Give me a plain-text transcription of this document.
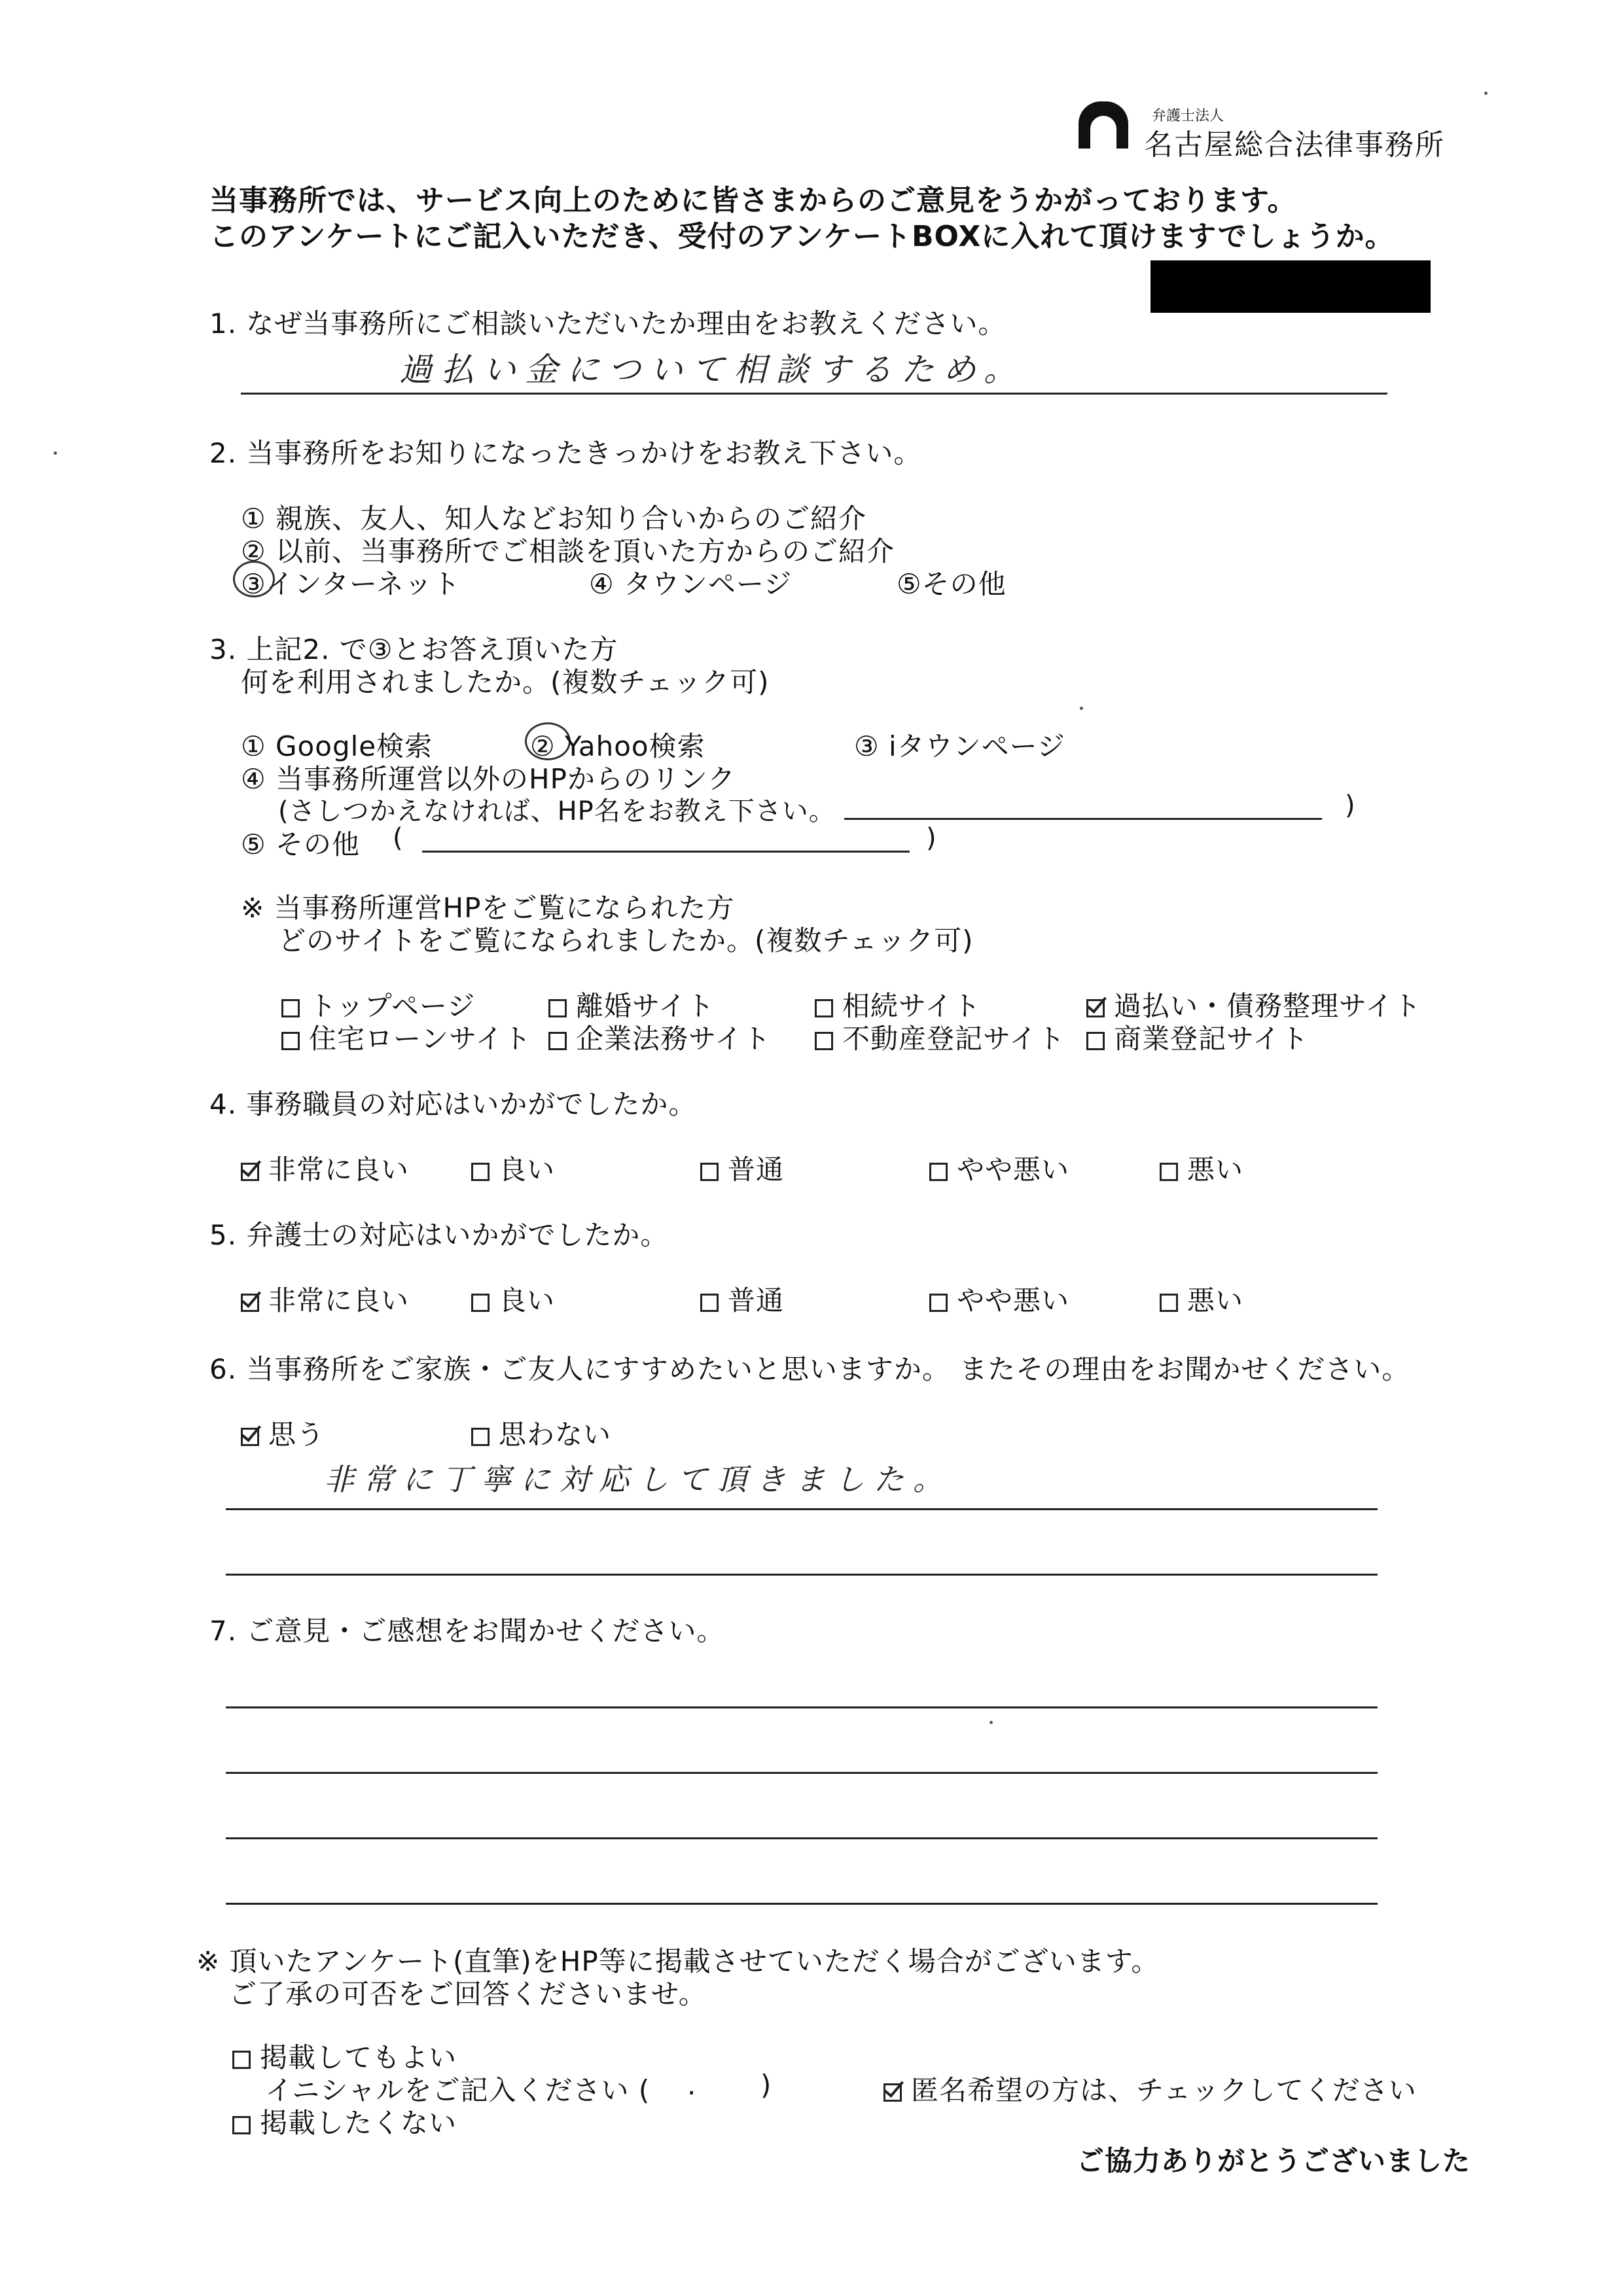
弁護士法人
名古屋総合法律事務所
当事務所では、サービス向上のために皆さまからのご意見をうかがっております。
このアンケートにご記入いただき、受付のアンケートBOXに入れて頂けますでしょうか。
1. なぜ当事務所にご相談いただいたか理由をお教えください。
過払い金について相談するため。
2. 当事務所をお知りになったきっかけをお教え下さい。
① 親族、友人、知人などお知り合いからのご紹介
② 以前、当事務所でご相談を頂いた方からのご紹介
③インターネット	④ タウンページ	⑤その他
3. 上記2. で③とお答え頂いた方
何を利用されましたか。(複数チェック可)
① Google検索	② Yahoo検索	③ iタウンページ
④ 当事務所運営以外のHPからのリンク
(さしつかえなければ、HP名をお教え下さい。	)
⑤ その他 (	)
※ 当事務所運営HPをご覧になられた方
どのサイトをご覧になられましたか。(複数チェック可)
トップページ	離婚サイト	相続サイト	過払い・債務整理サイト
住宅ローンサイト	企業法務サイト	不動産登記サイト	商業登記サイト
4. 事務職員の対応はいかがでしたか。
非常に良い	良い	普通	やや悪い	悪い
5. 弁護士の対応はいかがでしたか。
非常に良い	良い	普通	やや悪い	悪い
6. 当事務所をご家族・ご友人にすすめたいと思いますか。 またその理由をお聞かせください。
思う	思わない
非常に丁寧に対応して頂きました。
7. ご意見・ご感想をお聞かせください。
※ 頂いたアンケート(直筆)をHP等に掲載させていただく場合がございます。
ご了承の可否をご回答くださいませ。
掲載してもよい
イニシャルをご記入ください ( . )	匿名希望の方は、チェックしてください
掲載したくない
ご協力ありがとうございました
